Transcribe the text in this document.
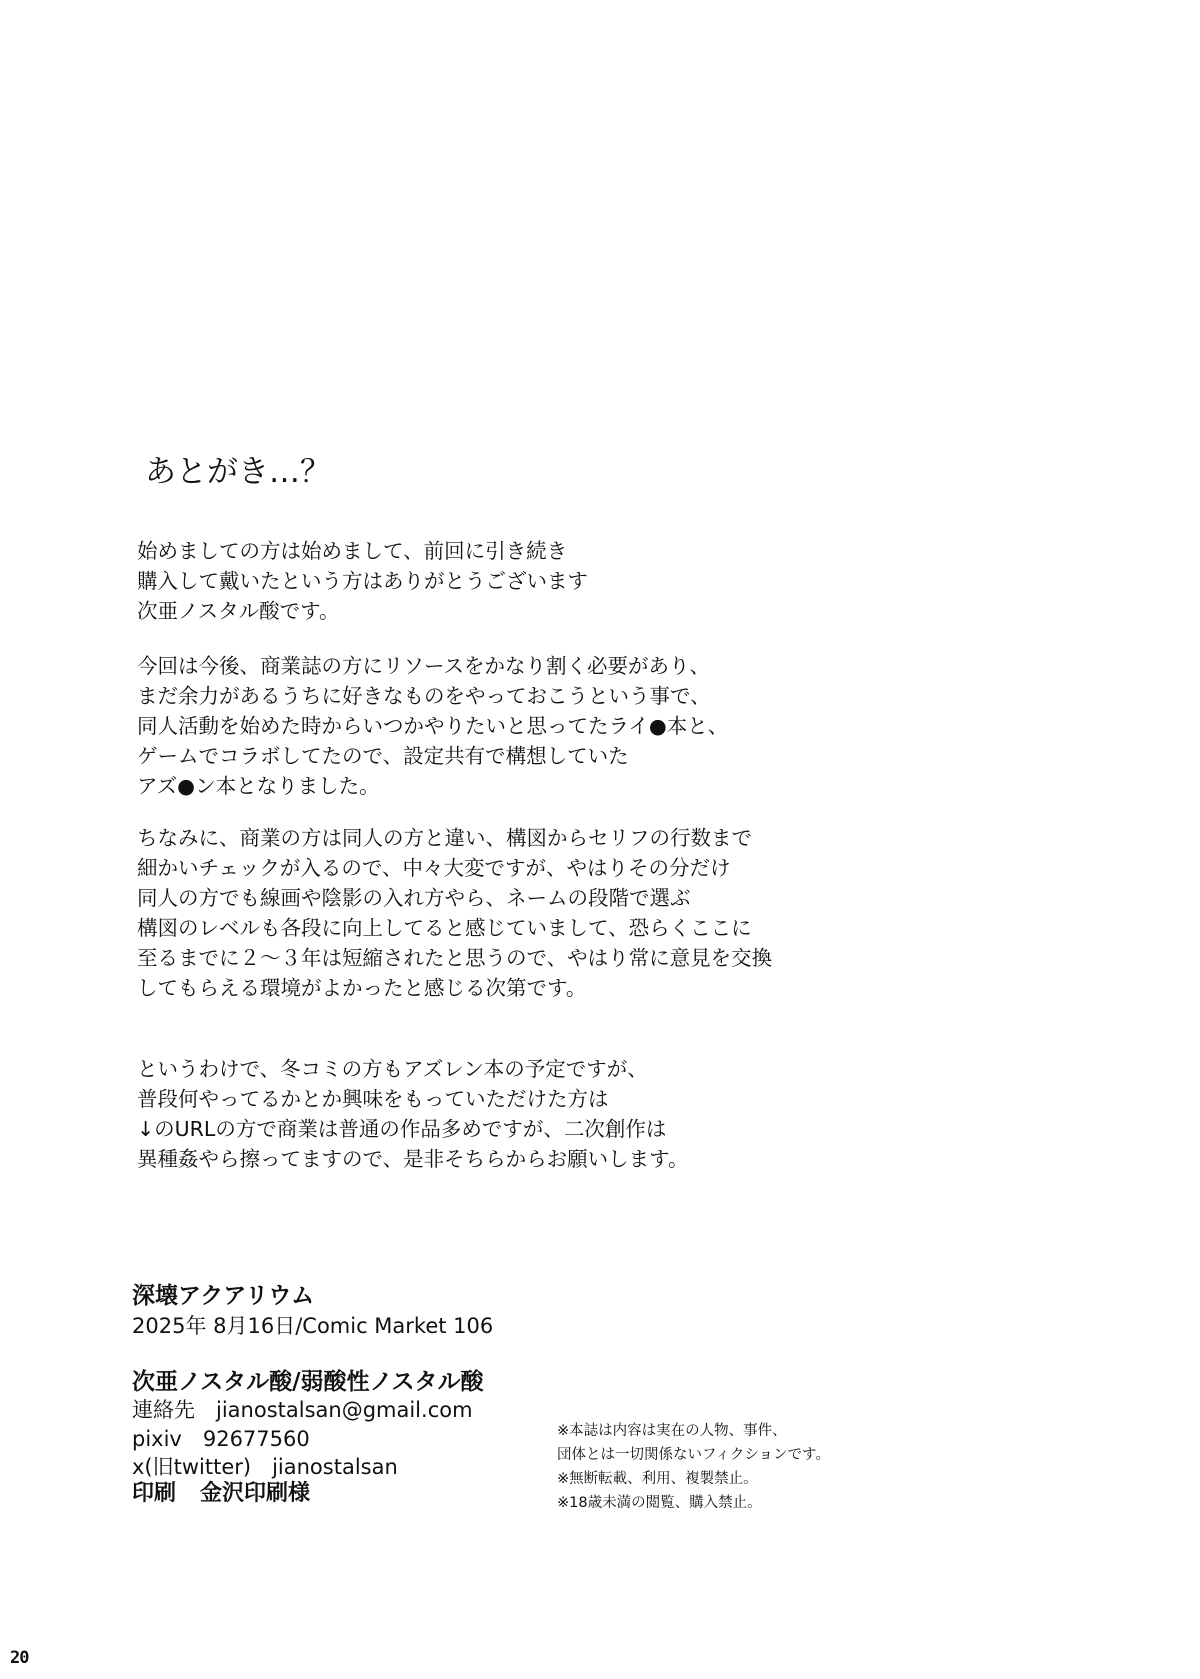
あとがき…？
始めましての方は始めまして、前回に引き続き
購入して戴いたという方はありがとうございます
次亜ノスタル酸です。
今回は今後、商業誌の方にリソースをかなり割く必要があり、
まだ余力があるうちに好きなものをやっておこうという事で、
同人活動を始めた時からいつかやりたいと思ってたライ●本と、
ゲームでコラボしてたので、設定共有で構想していた
アズ●ン本となりました。
ちなみに、商業の方は同人の方と違い、構図からセリフの行数まで
細かいチェックが入るので、中々大変ですが、やはりその分だけ
同人の方でも線画や陰影の入れ方やら、ネームの段階で選ぶ
構図のレベルも各段に向上してると感じていまして、恐らくここに
至るまでに２～３年は短縮されたと思うので、やはり常に意見を交換
してもらえる環境がよかったと感じる次第です。
というわけで、冬コミの方もアズレン本の予定ですが、
普段何やってるかとか興味をもっていただけた方は
↓のURLの方で商業は普通の作品多めですが、二次創作は
異種姦やら擦ってますので、是非そちらからお願いします。
深壊アクアリウム
2025年 8月16日/Comic Market 106
次亜ノスタル酸/弱酸性ノスタル酸
連絡先　jianostalsan@gmail.com
pixiv　92677560
x(旧twitter)　jianostalsan
印刷 金沢印刷様
※本誌は内容は実在の人物、事件、
団体とは一切関係ないフィクションです。
※無断転載、利用、複製禁止。
※18歳未満の閲覧、購入禁止。
20
